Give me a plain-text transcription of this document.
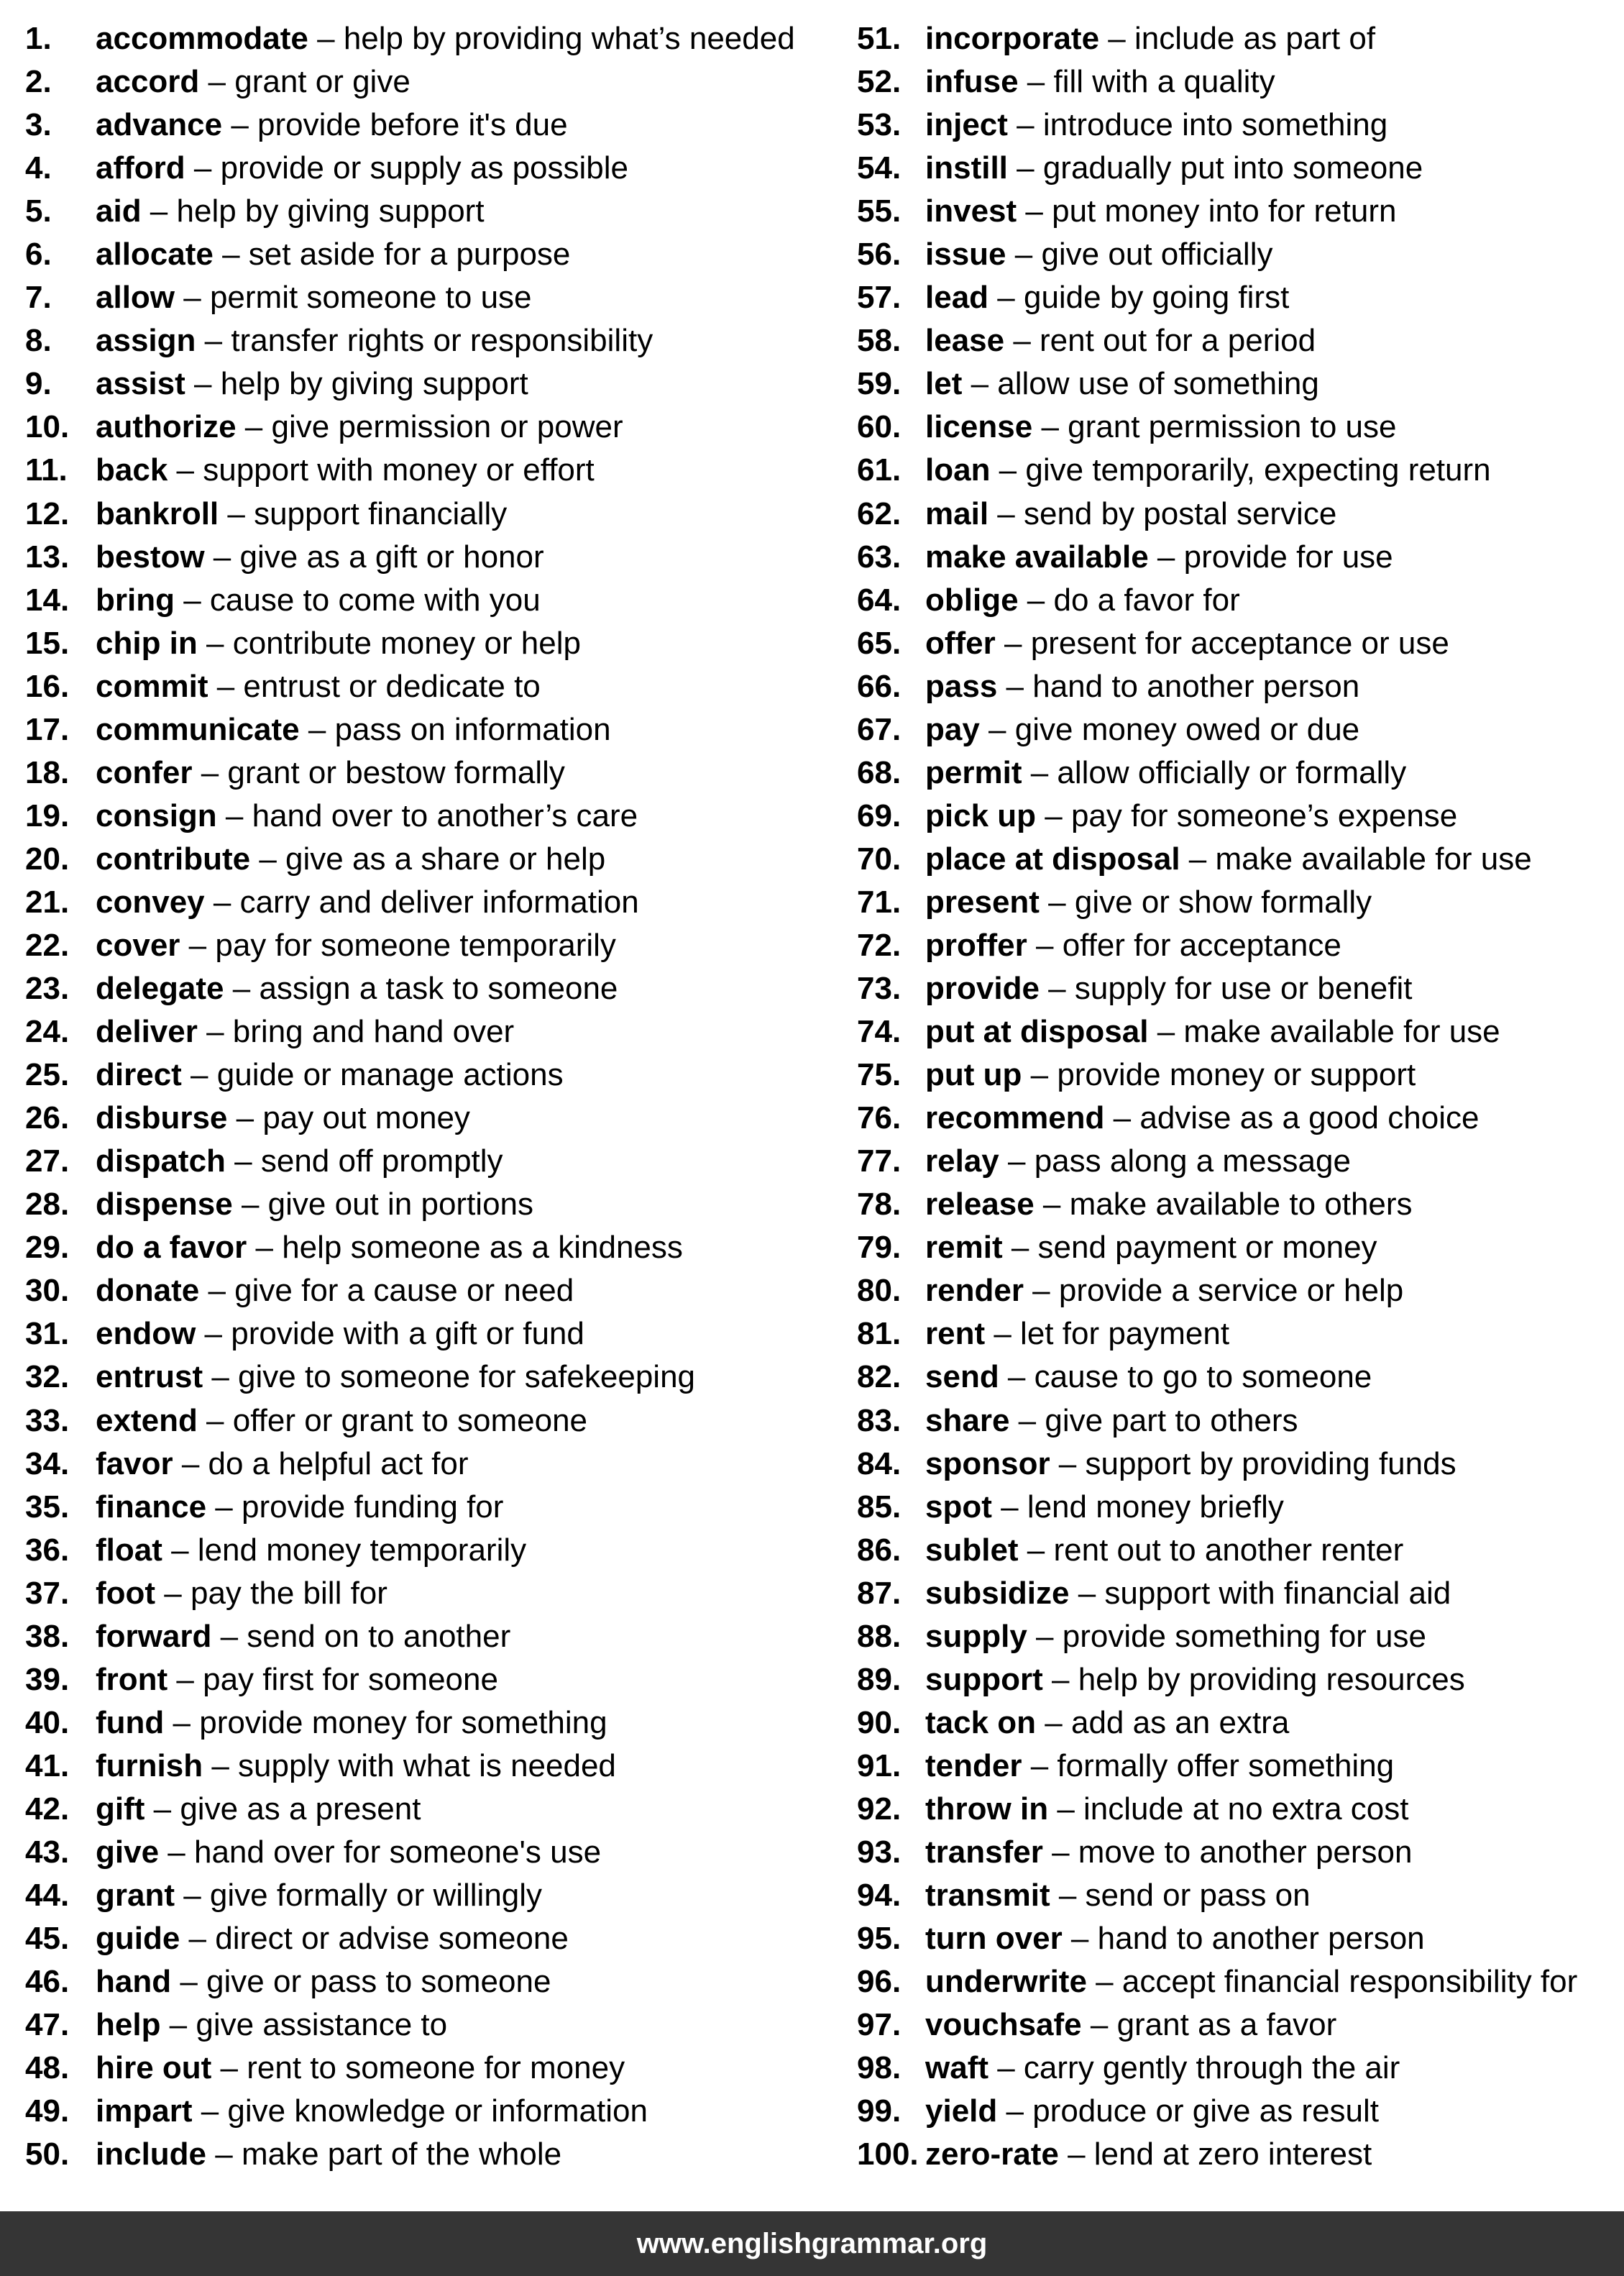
1. accommodate – help by providing what’s needed
2. accord – grant or give
3. advance – provide before it's due
4. afford – provide or supply as possible
5. aid – help by giving support
6. allocate – set aside for a purpose
7. allow – permit someone to use
8. assign – transfer rights or responsibility
9. assist – help by giving support
10. authorize – give permission or power
11. back – support with money or effort
12. bankroll – support financially
13. bestow – give as a gift or honor
14. bring – cause to come with you
15. chip in – contribute money or help
16. commit – entrust or dedicate to
17. communicate – pass on information
18. confer – grant or bestow formally
19. consign – hand over to another’s care
20. contribute – give as a share or help
21. convey – carry and deliver information
22. cover – pay for someone temporarily
23. delegate – assign a task to someone
24. deliver – bring and hand over
25. direct – guide or manage actions
26. disburse – pay out money
27. dispatch – send off promptly
28. dispense – give out in portions
29. do a favor – help someone as a kindness
30. donate – give for a cause or need
31. endow – provide with a gift or fund
32. entrust – give to someone for safekeeping
33. extend – offer or grant to someone
34. favor – do a helpful act for
35. finance – provide funding for
36. float – lend money temporarily
37. foot – pay the bill for
38. forward – send on to another
39. front – pay first for someone
40. fund – provide money for something
41. furnish – supply with what is needed
42. gift – give as a present
43. give – hand over for someone's use
44. grant – give formally or willingly
45. guide – direct or advise someone
46. hand – give or pass to someone
47. help – give assistance to
48. hire out – rent to someone for money
49. impart – give knowledge or information
50. include – make part of the whole
51. incorporate – include as part of
52. infuse – fill with a quality
53. inject – introduce into something
54. instill – gradually put into someone
55. invest – put money into for return
56. issue – give out officially
57. lead – guide by going first
58. lease – rent out for a period
59. let – allow use of something
60. license – grant permission to use
61. loan – give temporarily, expecting return
62. mail – send by postal service
63. make available – provide for use
64. oblige – do a favor for
65. offer – present for acceptance or use
66. pass – hand to another person
67. pay – give money owed or due
68. permit – allow officially or formally
69. pick up – pay for someone’s expense
70. place at disposal – make available for use
71. present – give or show formally
72. proffer – offer for acceptance
73. provide – supply for use or benefit
74. put at disposal – make available for use
75. put up – provide money or support
76. recommend – advise as a good choice
77. relay – pass along a message
78. release – make available to others
79. remit – send payment or money
80. render – provide a service or help
81. rent – let for payment
82. send – cause to go to someone
83. share – give part to others
84. sponsor – support by providing funds
85. spot – lend money briefly
86. sublet – rent out to another renter
87. subsidize – support with financial aid
88. supply – provide something for use
89. support – help by providing resources
90. tack on – add as an extra
91. tender – formally offer something
92. throw in – include at no extra cost
93. transfer – move to another person
94. transmit – send or pass on
95. turn over – hand to another person
96. underwrite – accept financial responsibility for
97. vouchsafe – grant as a favor
98. waft – carry gently through the air
99. yield – produce or give as result
100. zero-rate – lend at zero interest
www.englishgrammar.org
